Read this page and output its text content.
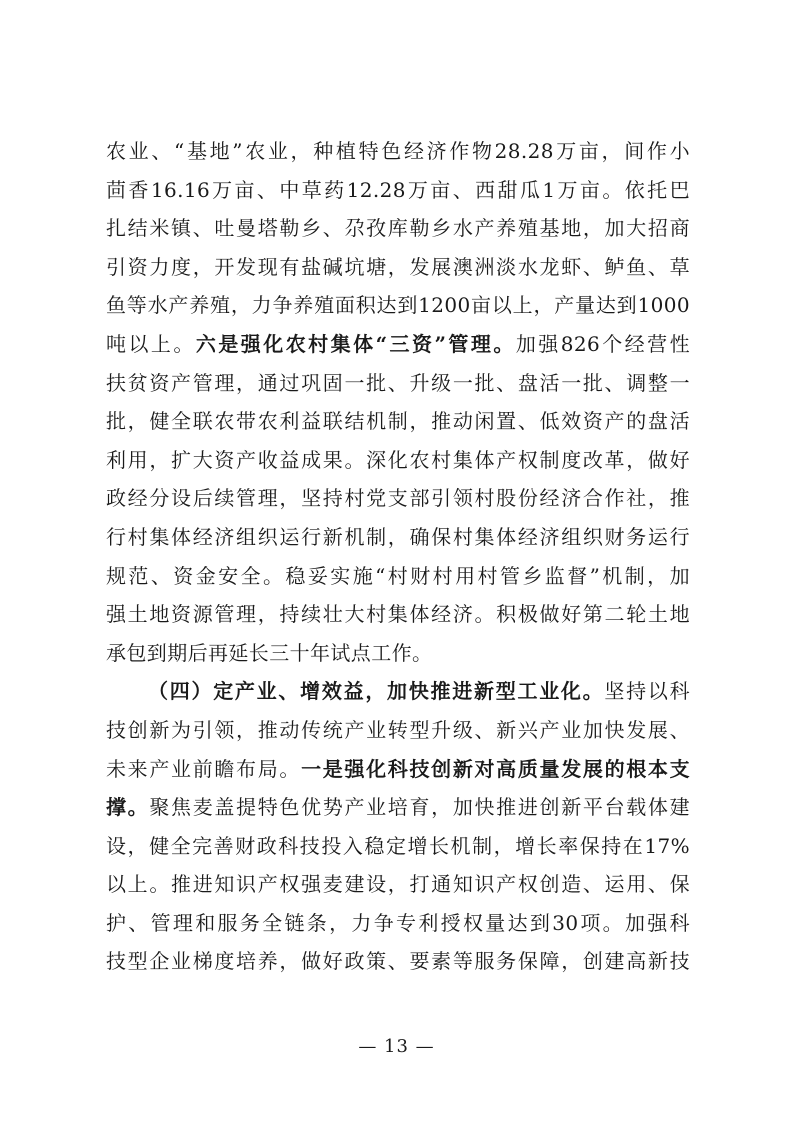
农业、“基地”农业，种植特色经济作物28.28万亩，间作小
茴香16.16万亩、中草药12.28万亩、西甜瓜1万亩。依托巴
扎结米镇、吐曼塔勒乡、尕孜库勒乡水产养殖基地，加大招商
引资力度，开发现有盐碱坑塘，发展澳洲淡水龙虾、鲈鱼、草
鱼等水产养殖，力争养殖面积达到1200亩以上，产量达到1000
吨以上。六是强化农村集体“三资”管理。加强826个经营性
扶贫资产管理，通过巩固一批、升级一批、盘活一批、调整一
批，健全联农带农利益联结机制，推动闲置、低效资产的盘活
利用，扩大资产收益成果。深化农村集体产权制度改革，做好
政经分设后续管理，坚持村党支部引领村股份经济合作社，推
行村集体经济组织运行新机制，确保村集体经济组织财务运行
规范、资金安全。稳妥实施“村财村用村管乡监督”机制，加
强土地资源管理，持续壮大村集体经济。积极做好第二轮土地
承包到期后再延长三十年试点工作。
（四）定产业、增效益，加快推进新型工业化。坚持以科
技创新为引领，推动传统产业转型升级、新兴产业加快发展、
未来产业前瞻布局。一是强化科技创新对高质量发展的根本支
撑。聚焦麦盖提特色优势产业培育，加快推进创新平台载体建
设，健全完善财政科技投入稳定增长机制，增长率保持在17%
以上。推进知识产权强麦建设，打通知识产权创造、运用、保
护、管理和服务全链条，力争专利授权量达到30项。加强科
技型企业梯度培养，做好政策、要素等服务保障，创建高新技
— 13 —
